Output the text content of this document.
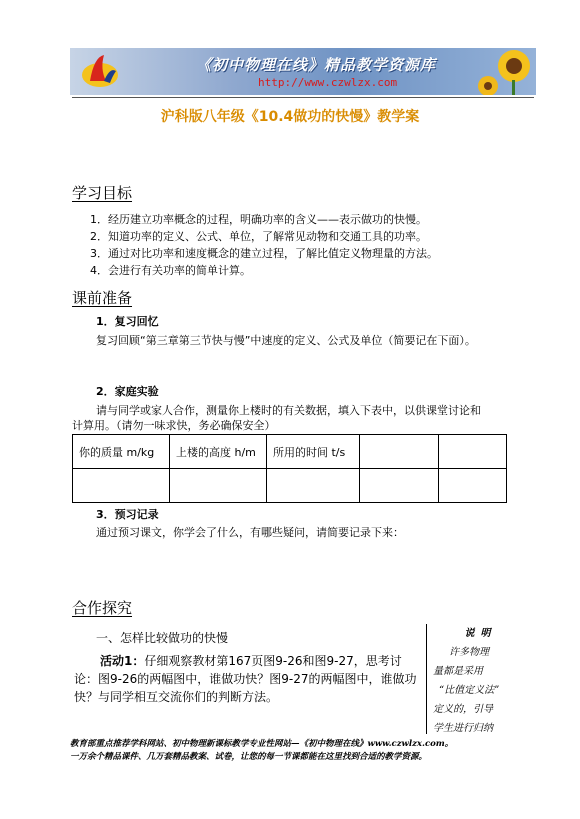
《初中物理在线》精品教学资源库
http://www.czwlzx.com
沪科版八年级《10.4做功的快慢》教学案
学习目标
1．经历建立功率概念的过程，明确功率的含义——表示做功的快慢。
2．知道功率的定义、公式、单位，了解常见动物和交通工具的功率。
3．通过对比功率和速度概念的建立过程，了解比值定义物理量的方法。
4．会进行有关功率的简单计算。
课前准备
1．复习回忆
复习回顾“第三章第三节快与慢”中速度的定义、公式及单位（简要记在下面）。
2．家庭实验
请与同学或家人合作，测量你上楼时的有关数据，填入下表中，以供课堂讨论和
计算用。（请勿一味求快，务必确保安全）
你的质量 m/kg	上楼的高度 h/m	所用的时间 t/s		

3．预习记录
通过预习课文，你学会了什么，有哪些疑问，请简要记录下来：
合作探究
一、怎样比较做功的快慢
活动1：仔细观察教材第167页图9-26和图9-27，思考讨论：图9-26的两幅图中，谁做功快？图9-27的两幅图中，谁做功快？与同学相互交流你们的判断方法。
说明
许多物理
量都是采用
“比值定义法”
定义的，引导
学生进行归纳
教育部重点推荐学科网站、初中物理新课标教学专业性网站—《初中物理在线》www.czwlzx.com。
一万余个精品课件、几万套精品教案、试卷，让您的每一节课都能在这里找到合适的教学资源。
